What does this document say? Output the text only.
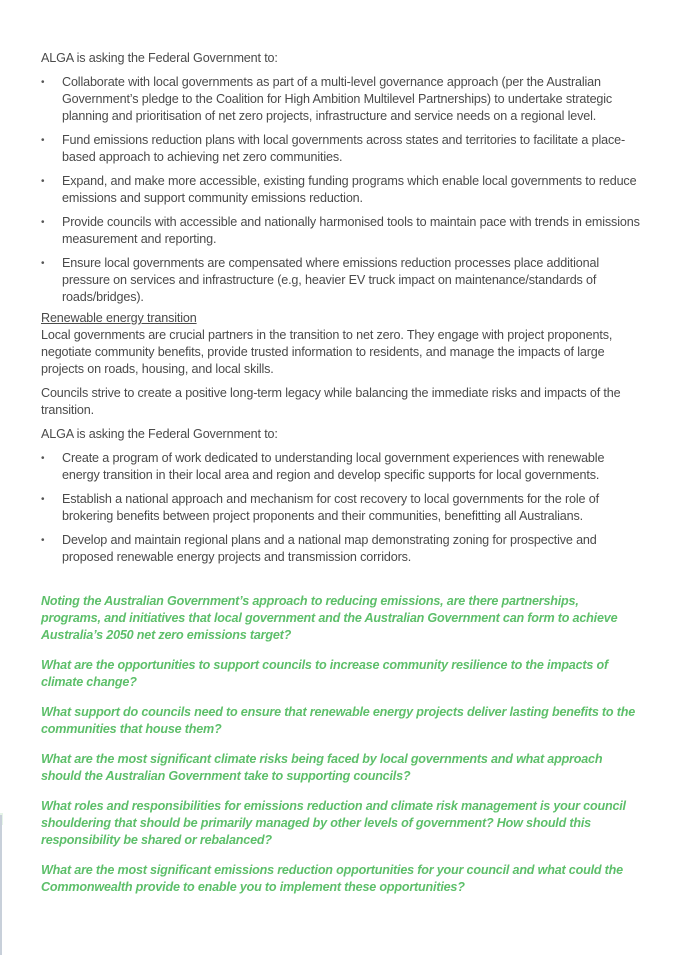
ALGA is asking the Federal Government to:

• Collaborate with local governments as part of a multi-level governance approach (per the Australian Government’s pledge to the Coalition for High Ambition Multilevel Partnerships) to undertake strategic planning and prioritisation of net zero projects, infrastructure and service needs on a regional level.
• Fund emissions reduction plans with local governments across states and territories to facilitate a place-based approach to achieving net zero communities.
• Expand, and make more accessible, existing funding programs which enable local governments to reduce emissions and support community emissions reduction.
• Provide councils with accessible and nationally harmonised tools to maintain pace with trends in emissions measurement and reporting.
• Ensure local governments are compensated where emissions reduction processes place additional pressure on services and infrastructure (e.g, heavier EV truck impact on maintenance/standards of roads/bridges).

Renewable energy transition

Local governments are crucial partners in the transition to net zero. They engage with project proponents, negotiate community benefits, provide trusted information to residents, and manage the impacts of large projects on roads, housing, and local skills.

Councils strive to create a positive long-term legacy while balancing the immediate risks and impacts of the transition.

ALGA is asking the Federal Government to:

• Create a program of work dedicated to understanding local government experiences with renewable energy transition in their local area and region and develop specific supports for local governments.
• Establish a national approach and mechanism for cost recovery to local governments for the role of brokering benefits between project proponents and their communities, benefitting all Australians.
• Develop and maintain regional plans and a national map demonstrating zoning for prospective and proposed renewable energy projects and transmission corridors.

Noting the Australian Government’s approach to reducing emissions, are there partnerships, programs, and initiatives that local government and the Australian Government can form to achieve Australia’s 2050 net zero emissions target?

What are the opportunities to support councils to increase community resilience to the impacts of climate change?

What support do councils need to ensure that renewable energy projects deliver lasting benefits to the communities that house them?

What are the most significant climate risks being faced by local governments and what approach should the Australian Government take to supporting councils?

What roles and responsibilities for emissions reduction and climate risk management is your council shouldering that should be primarily managed by other levels of government? How should this responsibility be shared or rebalanced?

What are the most significant emissions reduction opportunities for your council and what could the Commonwealth provide to enable you to implement these opportunities?
